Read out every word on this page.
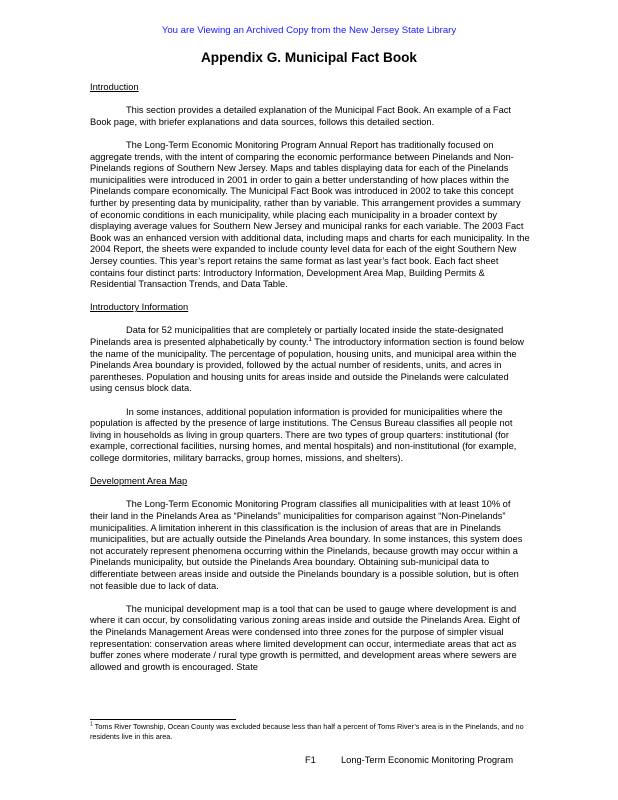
You are Viewing an Archived Copy from the New Jersey State Library
Appendix G. Municipal Fact Book
Introduction

This section provides a detailed explanation of the Municipal Fact Book. An example of a Fact Book page, with briefer explanations and data sources, follows this detailed section.

The Long-Term Economic Monitoring Program Annual Report has traditionally focused on aggregate trends, with the intent of comparing the economic performance between Pinelands and Non-Pinelands regions of Southern New Jersey. Maps and tables displaying data for each of the Pinelands municipalities were introduced in 2001 in order to gain a better understanding of how places within the Pinelands compare economically. The Municipal Fact Book was introduced in 2002 to take this concept further by presenting data by municipality, rather than by variable. This arrangement provides a summary of economic conditions in each municipality, while placing each municipality in a broader context by displaying average values for Southern New Jersey and municipal ranks for each variable. The 2003 Fact Book was an enhanced version with additional data, including maps and charts for each municipality. In the 2004 Report, the sheets were expanded to include county level data for each of the eight Southern New Jersey counties. This year’s report retains the same format as last year’s fact book. Each fact sheet contains four distinct parts: Introductory Information, Development Area Map, Building Permits & Residential Transaction Trends, and Data Table.

Introductory Information

Data for 52 municipalities that are completely or partially located inside the state-designated Pinelands area is presented alphabetically by county.$^1$ The introductory information section is found below the name of the municipality. The percentage of population, housing units, and municipal area within the Pinelands Area boundary is provided, followed by the actual number of residents, units, and acres in parentheses. Population and housing units for areas inside and outside the Pinelands were calculated using census block data.

In some instances, additional population information is provided for municipalities where the population is affected by the presence of large institutions. The Census Bureau classifies all people not living in households as living in group quarters. There are two types of group quarters: institutional (for example, correctional facilities, nursing homes, and mental hospitals) and non-institutional (for example, college dormitories, military barracks, group homes, missions, and shelters).

Development Area Map

The Long-Term Economic Monitoring Program classifies all municipalities with at least 10% of their land in the Pinelands Area as “Pinelands” municipalities for comparison against “Non-Pinelands” municipalities. A limitation inherent in this classification is the inclusion of areas that are in Pinelands municipalities, but are actually outside the Pinelands Area boundary. In some instances, this system does not accurately represent phenomena occurring within the Pinelands, because growth may occur within a Pinelands municipality, but outside the Pinelands Area boundary. Obtaining sub-municipal data to differentiate between areas inside and outside the Pinelands boundary is a possible solution, but is often not feasible due to lack of data.

The municipal development map is a tool that can be used to gauge where development is and where it can occur, by consolidating various zoning areas inside and outside the Pinelands Area. Eight of the Pinelands Management Areas were condensed into three zones for the purpose of simpler visual representation: conservation areas where limited development can occur, intermediate areas that act as buffer zones where moderate / rural type growth is permitted, and development areas where sewers are allowed and growth is encouraged. State

$^1$ Toms River Township, Ocean County was excluded because less than half a percent of Toms River’s area is in the Pinelands, and no residents live in this area.
F1	Long-Term Economic Monitoring Program
